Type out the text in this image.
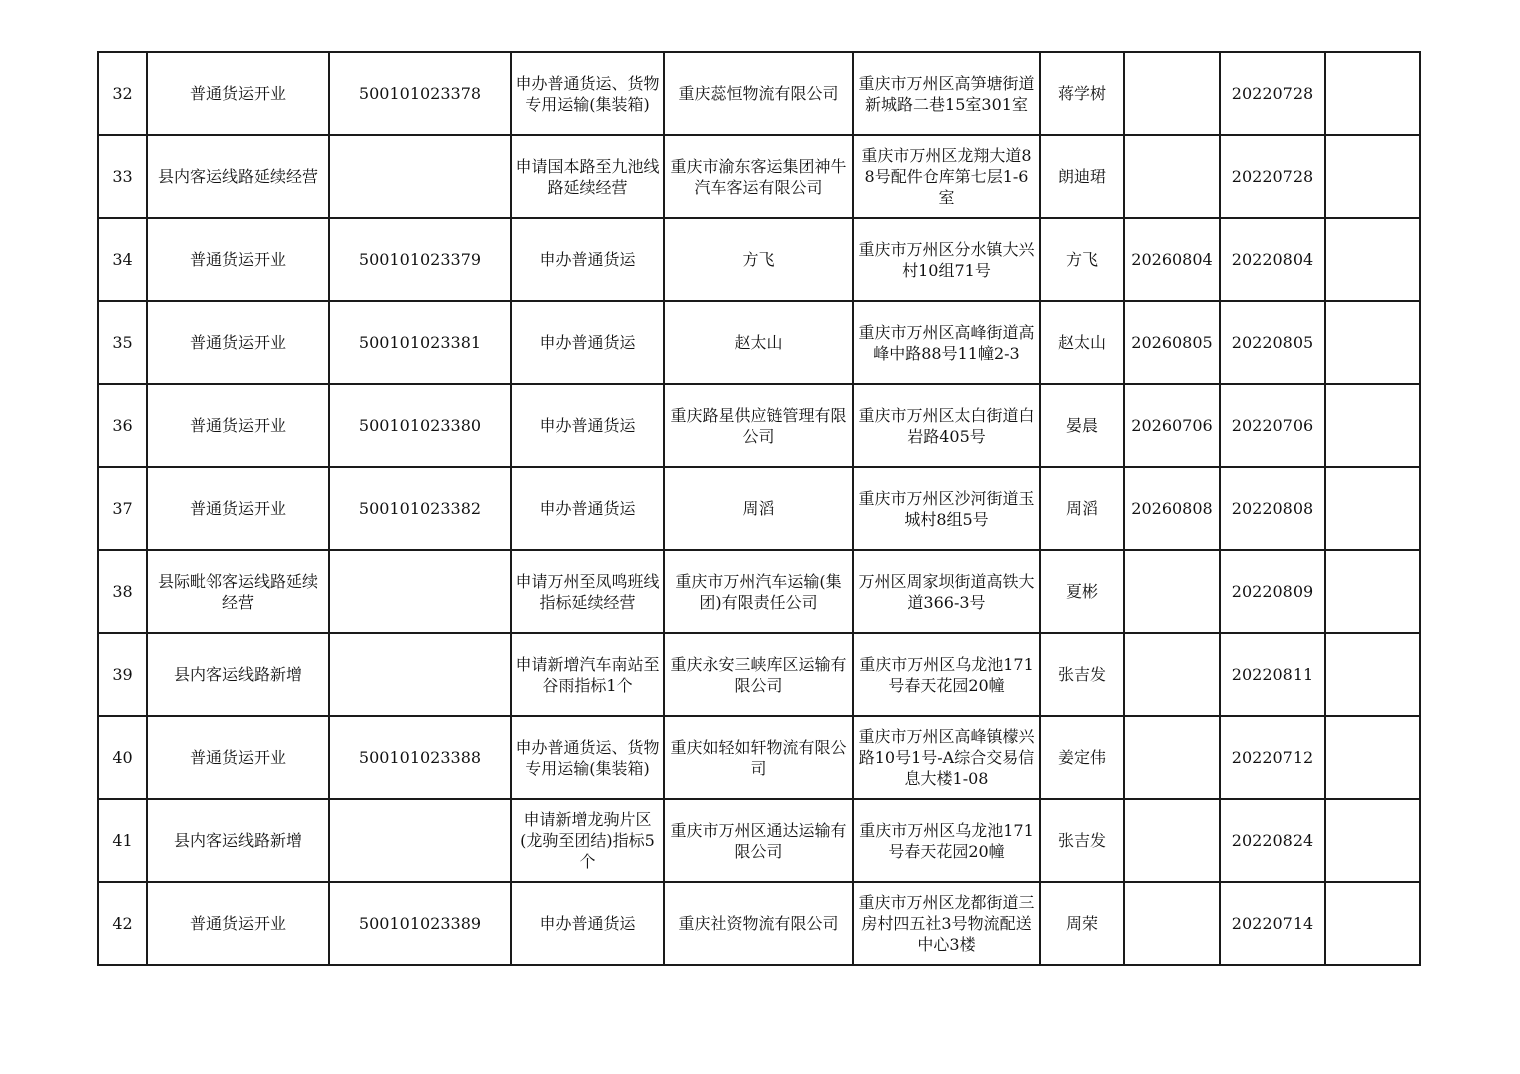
32	普通货运开业	500101023378	申办普通货运、货物专用运输(集装箱)	重庆蕊恒物流有限公司	重庆市万州区高笋塘街道新城路二巷15室301室	蒋学树		20220728	
33	县内客运线路延续经营		申请国本路至九池线路延续经营	重庆市渝东客运集团神牛汽车客运有限公司	重庆市万州区龙翔大道88号配件仓库第七层1-6室	朗迪珺		20220728	
34	普通货运开业	500101023379	申办普通货运	方飞	重庆市万州区分水镇大兴村10组71号	方飞	20260804	20220804	
35	普通货运开业	500101023381	申办普通货运	赵太山	重庆市万州区高峰街道高峰中路88号11幢2-3	赵太山	20260805	20220805	
36	普通货运开业	500101023380	申办普通货运	重庆路星供应链管理有限公司	重庆市万州区太白街道白岩路405号	晏晨	20260706	20220706	
37	普通货运开业	500101023382	申办普通货运	周滔	重庆市万州区沙河街道玉城村8组5号	周滔	20260808	20220808	
38	县际毗邻客运线路延续经营		申请万州至凤鸣班线指标延续经营	重庆市万州汽车运输(集团)有限责任公司	万州区周家坝街道高铁大道366-3号	夏彬		20220809	
39	县内客运线路新增		申请新增汽车南站至谷雨指标1个	重庆永安三峡库区运输有限公司	重庆市万州区乌龙池171号春天花园20幢	张吉发		20220811	
40	普通货运开业	500101023388	申办普通货运、货物专用运输(集装箱)	重庆如轻如轩物流有限公司	重庆市万州区高峰镇檬兴路10号1号-A综合交易信息大楼1-08	姜定伟		20220712	
41	县内客运线路新增		申请新增龙驹片区(龙驹至团结)指标5个	重庆市万州区通达运输有限公司	重庆市万州区乌龙池171号春天花园20幢	张吉发		20220824	
42	普通货运开业	500101023389	申办普通货运	重庆社资物流有限公司	重庆市万州区龙都街道三房村四五社3号物流配送中心3楼	周荣		20220714	
